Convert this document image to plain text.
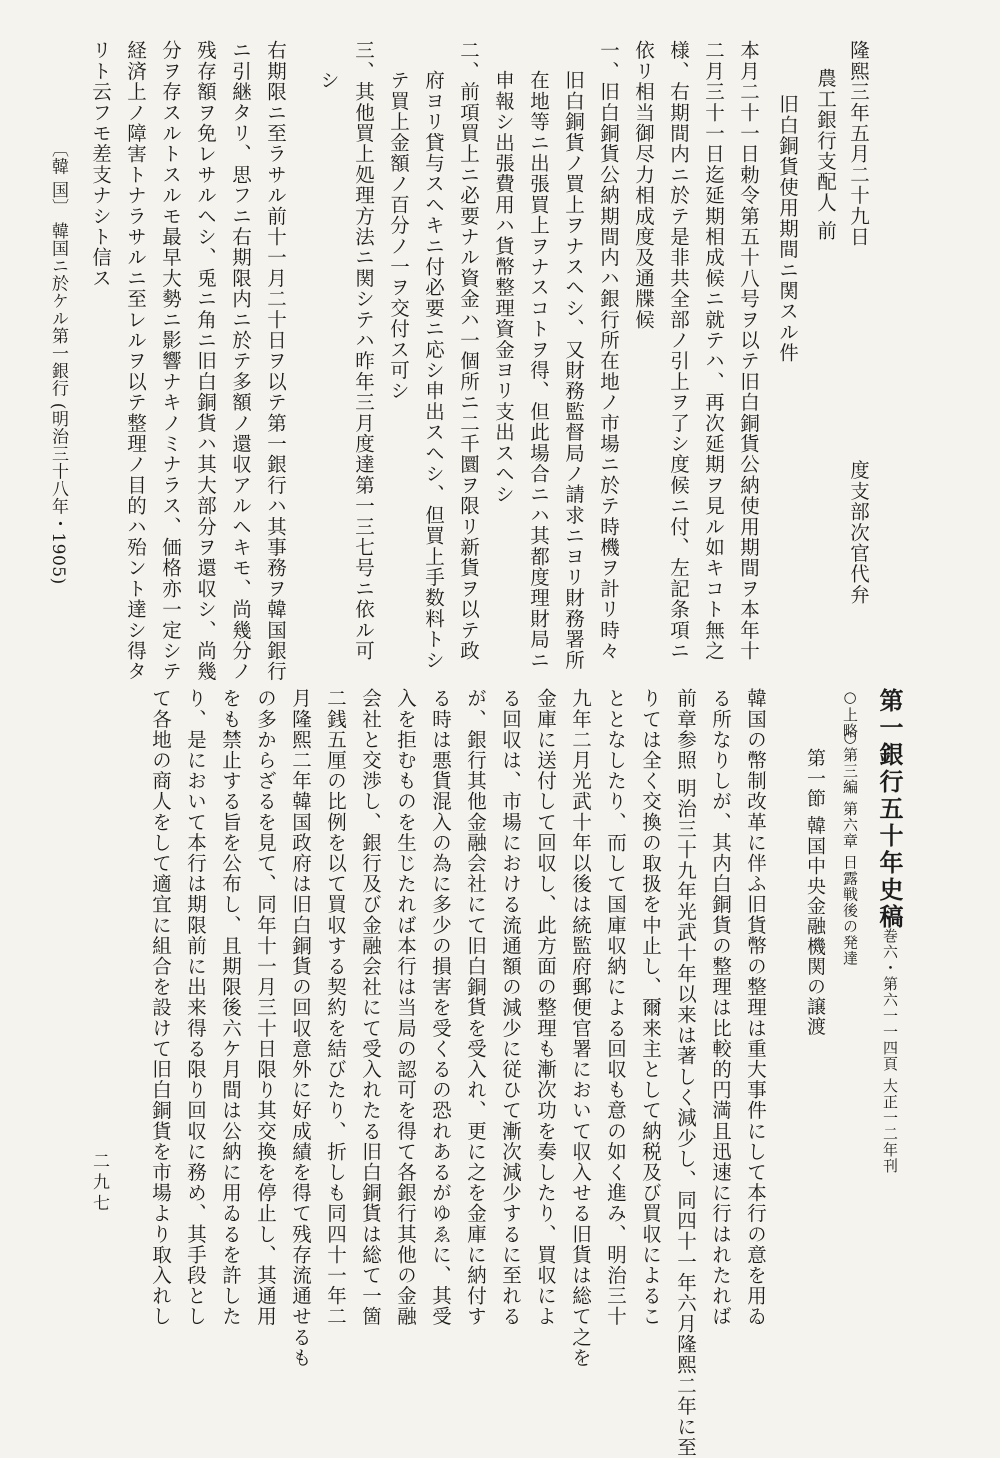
隆熙三年五月二十九日
度支部次官代弁
農工銀行支配人 前
旧白銅貨使用期間ニ関スル件
本月二十一日勅令第五十八号ヲ以テ旧白銅貨公納使用期間ヲ本年十
二月三十一日迄延期相成候ニ就テハ、再次延期ヲ見ル如キコト無之
様、右期間内ニ於テ是非共全部ノ引上ヲ了シ度候ニ付、左記条項ニ
依リ相当御尽力相成度及通牒候
一、旧白銅貨公納期間内ハ銀行所在地ノ市場ニ於テ時機ヲ計リ時々
旧白銅貨ノ買上ヲナスヘシ、又財務監督局ノ請求ニヨリ財務署所
在地等ニ出張買上ヲナスコトヲ得、但此場合ニハ其都度理財局ニ
申報シ出張費用ハ貨幣整理資金ヨリ支出スヘシ
二、前項買上ニ必要ナル資金ハ一個所ニ二千圜ヲ限リ新貨ヲ以テ政
府ヨリ貸与スヘキニ付必要ニ応シ申出スヘシ、但買上手数料トシ
テ買上金額ノ百分ノ一ヲ交付ス可シ
三、其他買上処理方法ニ関シテハ昨年三月度達第一三七号ニ依ル可
シ
右期限ニ至ラサル前十一月二十日ヲ以テ第一銀行ハ其事務ヲ韓国銀行
ニ引継タリ、思フニ右期限内ニ於テ多額ノ還収アルヘキモ、尚幾分ノ
残存額ヲ免レサルヘシ、兎ニ角ニ旧白銅貨ハ其大部分ヲ還収シ、尚幾
分ヲ存スルトスルモ最早大勢ニ影響ナキノミナラス、価格亦一定シテ
経済上ノ障害トナラサルニ至レルヲ以テ整理ノ目的ハ殆ント達シ得タ
リト云フモ差支ナシト信ス
〔韓 国〕 韓国ニ於ケル第一銀行 (明治三十八年・1905)
第一銀行五十年史稿
巻六・第六一一四頁 大正一二年刊
○上略
○第三編 第六章 日露戦後の発達
第一節 韓国中央金融機関の譲渡
韓国の幣制改革に伴ふ旧貨幣の整理は重大事件にして本行の意を用ゐ
る所なりしが、其内白銅貨の整理は比較的円満且迅速に行はれたれば
前章参照 明治三十九年光武十年以来は著しく減少し、同四十一年六月隆熙二年に至
りては全く交換の取扱を中止し、爾来主として納税及び買収によるこ
ととなしたり、而して国庫収納による回収も意の如く進み、明治三十
九年二月光武十年以後は統監府郵便官署において収入せる旧貨は総て之を
金庫に送付して回収し、此方面の整理も漸次功を奏したり、買収によ
る回収は、市場における流通額の減少に従ひて漸次減少するに至れる
が、銀行其他金融会社にて旧白銅貨を受入れ、更に之を金庫に納付す
る時は悪貨混入の為に多少の損害を受くるの恐れあるがゆゑに、其受
入を拒むものを生じたれば本行は当局の認可を得て各銀行其他の金融
会社と交渉し、銀行及び金融会社にて受入れたる旧白銅貨は総て一箇
二銭五厘の比例を以て買収する契約を結びたり、折しも同四十一年二
月隆熙二年韓国政府は旧白銅貨の回収意外に好成績を得て残存流通せるも
の多からざるを見て、同年十一月三十日限り其交換を停止し、其通用
をも禁止する旨を公布し、且期限後六ケ月間は公納に用ゐるを許した
り、是において本行は期限前に出来得る限り回収に務め、其手段とし
て各地の商人をして適宜に組合を設けて旧白銅貨を市場より取入れし
二九七
